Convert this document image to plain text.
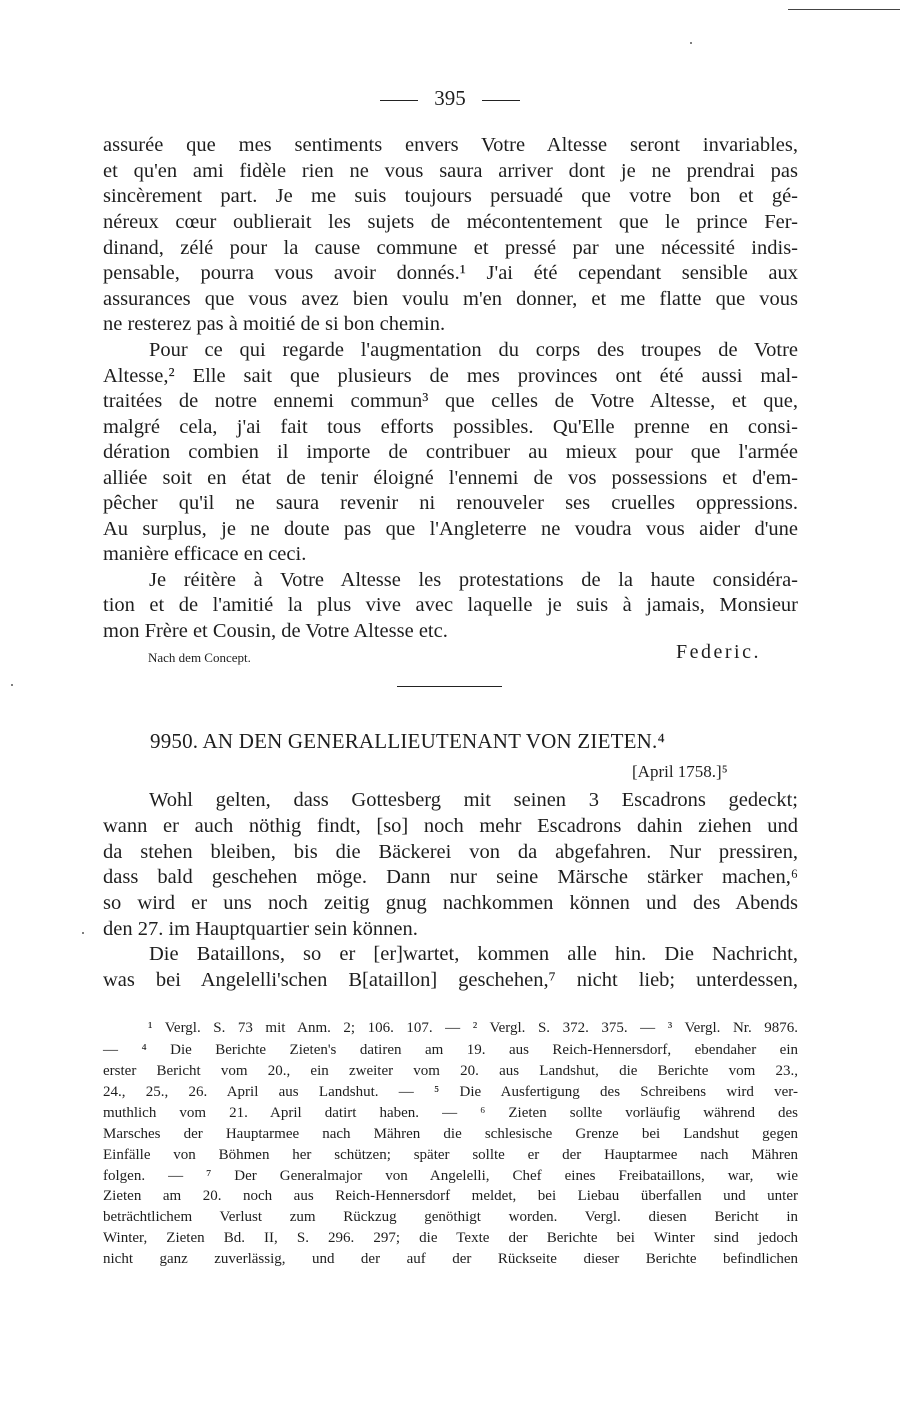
395
assurée que mes sentiments envers Votre Altesse seront invariables,
et qu'en ami fidèle rien ne vous saura arriver dont je ne prendrai pas
sincèrement part. Je me suis toujours persuadé que votre bon et gé-
néreux cœur oublierait les sujets de mécontentement que le prince Fer-
dinand, zélé pour la cause commune et pressé par une nécessité indis-
pensable, pourra vous avoir donnés.¹ J'ai été cependant sensible aux
assurances que vous avez bien voulu m'en donner, et me flatte que vous
ne resterez pas à moitié de si bon chemin.
Pour ce qui regarde l'augmentation du corps des troupes de Votre
Altesse,² Elle sait que plusieurs de mes provinces ont été aussi mal-
traitées de notre ennemi commun³ que celles de Votre Altesse, et que,
malgré cela, j'ai fait tous efforts possibles. Qu'Elle prenne en consi-
dération combien il importe de contribuer au mieux pour que l'armée
alliée soit en état de tenir éloigné l'ennemi de vos possessions et d'em-
pêcher qu'il ne saura revenir ni renouveler ses cruelles oppressions.
Au surplus, je ne doute pas que l'Angleterre ne voudra vous aider d'une
manière efficace en ceci.
Je réitère à Votre Altesse les protestations de la haute considéra-
tion et de l'amitié la plus vive avec laquelle je suis à jamais, Monsieur
mon Frère et Cousin, de Votre Altesse etc.
Nach dem Concept.	Federic.
9950. AN DEN GENERALLIEUTENANT VON ZIETEN.⁴
[April 1758.]⁵
Wohl gelten, dass Gottesberg mit seinen 3 Escadrons gedeckt;
wann er auch nöthig findt, [so] noch mehr Escadrons dahin ziehen und
da stehen bleiben, bis die Bäckerei von da abgefahren. Nur pressiren,
dass bald geschehen möge. Dann nur seine Märsche stärker machen,⁶
so wird er uns noch zeitig gnug nachkommen können und des Abends
den 27. im Hauptquartier sein können.
Die Bataillons, so er [er]wartet, kommen alle hin. Die Nachricht,
was bei Angelelli'schen B[ataillon] geschehen,⁷ nicht lieb; unterdessen,
¹ Vergl. S. 73 mit Anm. 2; 106. 107. — ² Vergl. S. 372. 375. — ³ Vergl. Nr. 9876.
— ⁴ Die Berichte Zieten's datiren am 19. aus Reich-Hennersdorf, ebendaher ein
erster Bericht vom 20., ein zweiter vom 20. aus Landshut, die Berichte vom 23.,
24., 25., 26. April aus Landshut. — ⁵ Die Ausfertigung des Schreibens wird ver-
muthlich vom 21. April datirt haben. — ⁶ Zieten sollte vorläufig während des
Marsches der Hauptarmee nach Mähren die schlesische Grenze bei Landshut gegen
Einfälle von Böhmen her schützen; später sollte er der Hauptarmee nach Mähren
folgen. — ⁷ Der Generalmajor von Angelelli, Chef eines Freibataillons, war, wie
Zieten am 20. noch aus Reich-Hennersdorf meldet, bei Liebau überfallen und unter
beträchtlichem Verlust zum Rückzug genöthigt worden. Vergl. diesen Bericht in
Winter, Zieten Bd. II, S. 296. 297; die Texte der Berichte bei Winter sind jedoch
nicht ganz zuverlässig, und der auf der Rückseite dieser Berichte befindlichen
